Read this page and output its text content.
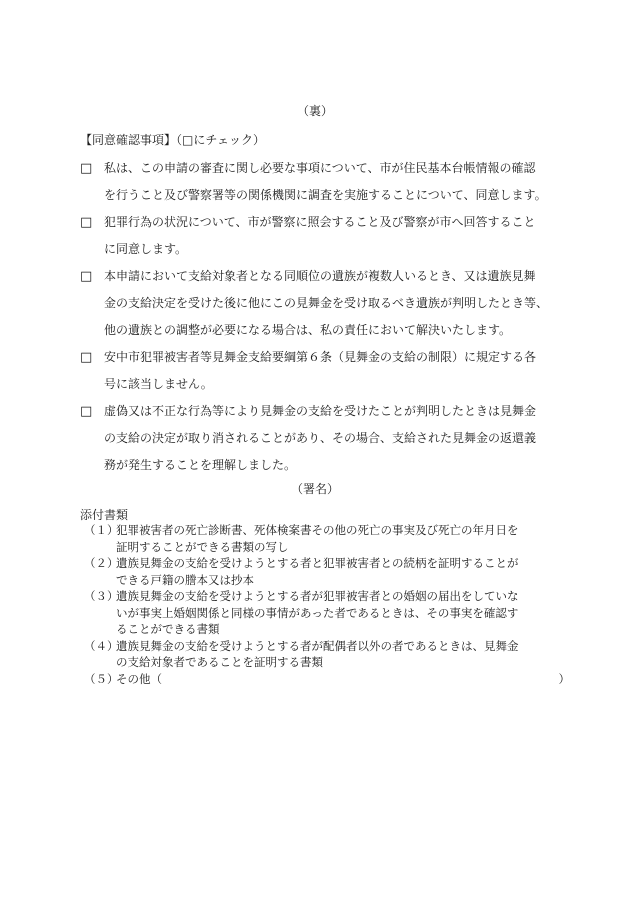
（裏）
【同意確認事項】（□にチェック）
□ 私は、この申請の審査に関し必要な事項について、市が住民基本台帳情報の確認
を行うこと及び警察署等の関係機関に調査を実施することについて、同意します。
□ 犯罪行為の状況について、市が警察に照会すること及び警察が市へ回答すること
に同意します。
□ 本申請において支給対象者となる同順位の遺族が複数人いるとき、又は遺族見舞
金の支給決定を受けた後に他にこの見舞金を受け取るべき遺族が判明したとき等、
他の遺族との調整が必要になる場合は、私の責任において解決いたします。
□ 安中市犯罪被害者等見舞金支給要綱第６条（見舞金の支給の制限）に規定する各
号に該当しません。
□ 虚偽又は不正な行為等により見舞金の支給を受けたことが判明したときは見舞金
の支給の決定が取り消されることがあり、その場合、支給された見舞金の返還義
務が発生することを理解しました。
（署名）
添付書類
（１）
犯罪被害者の死亡診断書、死体検案書その他の死亡の事実及び死亡の年月日を
証明することができる書類の写し
（２）
遺族見舞金の支給を受けようとする者と犯罪被害者との続柄を証明することが
できる戸籍の謄本又は抄本
（３）
遺族見舞金の支給を受けようとする者が犯罪被害者との婚姻の届出をしていな
いが事実上婚姻関係と同様の事情があった者であるときは、その事実を確認す
ることができる書類
（４）
遺族見舞金の支給を受けようとする者が配偶者以外の者であるときは、見舞金
の支給対象者であることを証明する書類
（５）
その他（	）
